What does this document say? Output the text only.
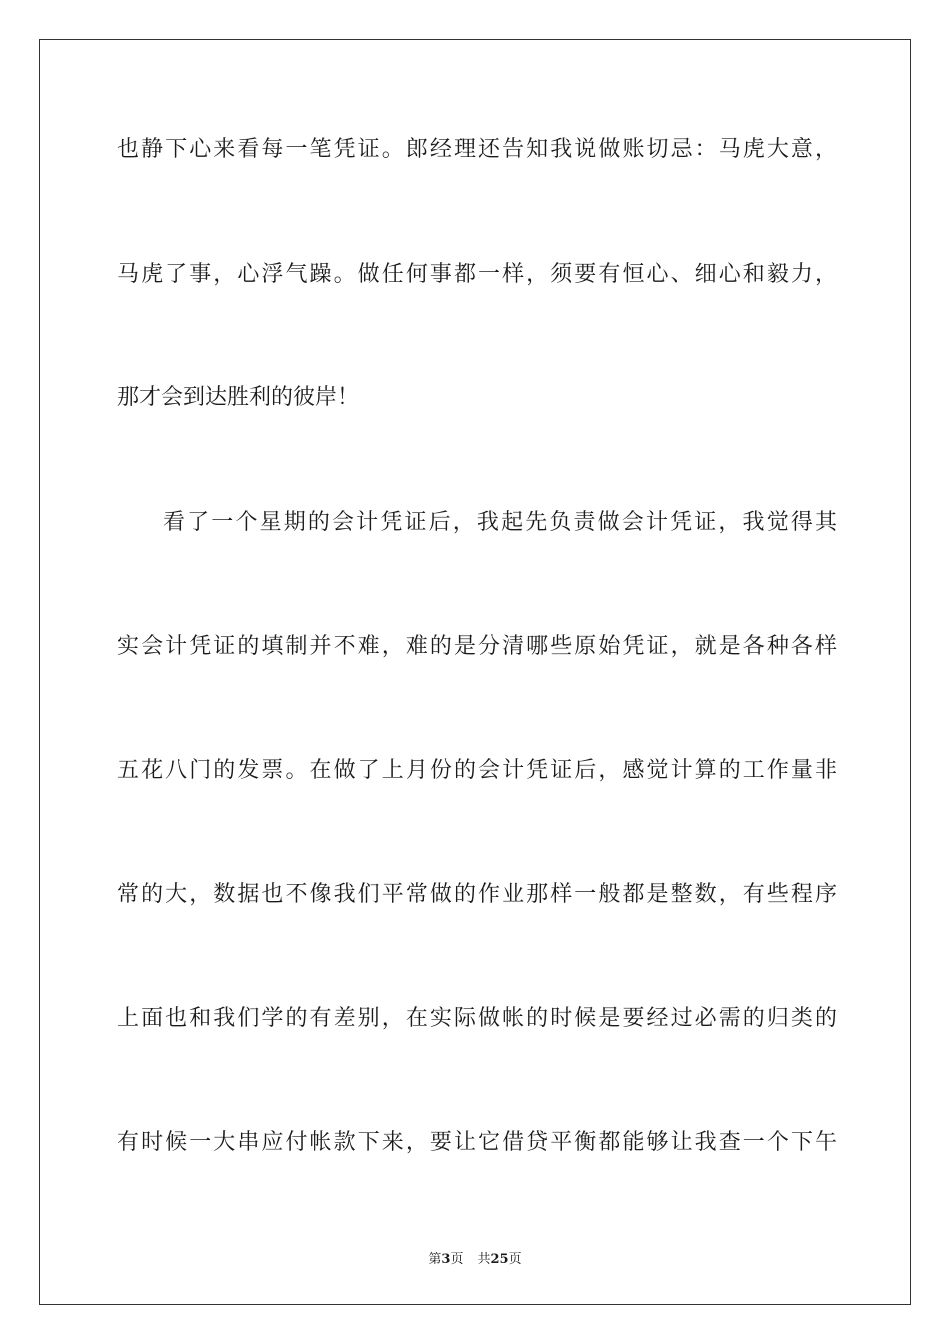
也静下心来看每一笔凭证。郎经理还告知我说做账切忌：马虎大意，

马虎了事，心浮气躁。做任何事都一样，须要有恒心、细心和毅力，

那才会到达胜利的彼岸！

看了一个星期的会计凭证后，我起先负责做会计凭证，我觉得其

实会计凭证的填制并不难，难的是分清哪些原始凭证，就是各种各样

五花八门的发票。在做了上月份的会计凭证后，感觉计算的工作量非

常的大，数据也不像我们平常做的作业那样一般都是整数，有些程序

上面也和我们学的有差别，在实际做帐的时候是要经过必需的归类的

有时候一大串应付帐款下来，要让它借贷平衡都能够让我查一个下午

第3页 共25页
